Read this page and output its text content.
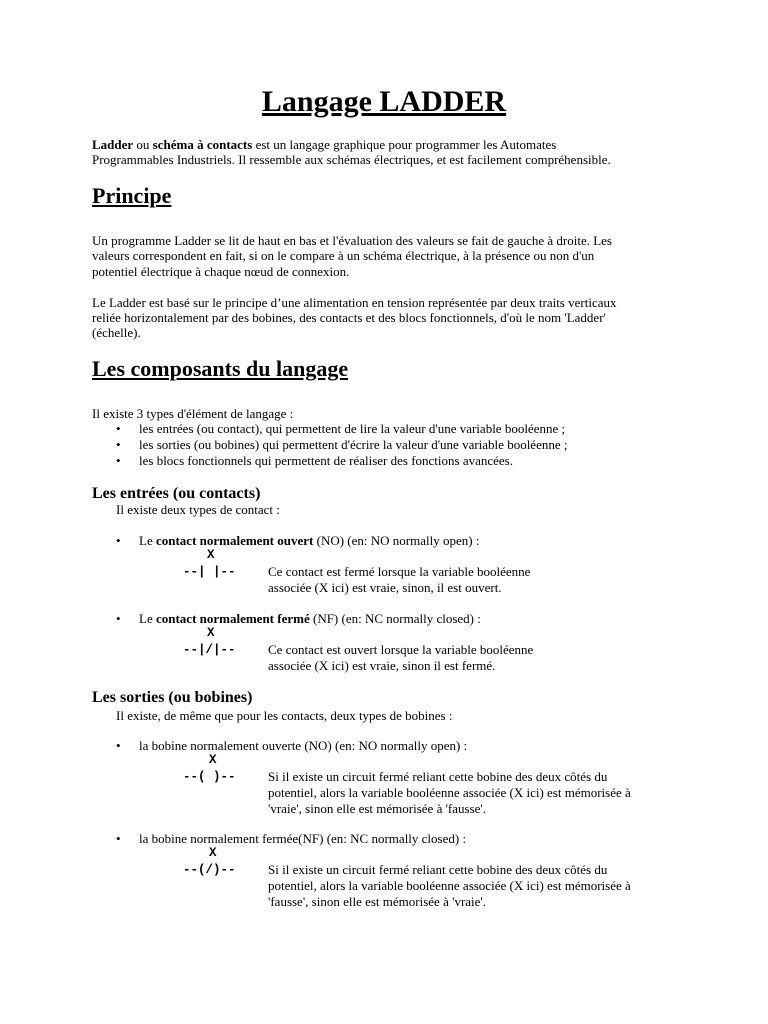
Langage LADDER
Ladder ou schéma à contacts est un langage graphique pour programmer les Automates
Programmables Industriels. Il ressemble aux schémas électriques, et est facilement compréhensible.
Principe
Un programme Ladder se lit de haut en bas et l'évaluation des valeurs se fait de gauche à droite. Les
valeurs correspondent en fait, si on le compare à un schéma électrique, à la présence ou non d'un
potentiel électrique à chaque nœud de connexion.
Le Ladder est basé sur le principe d’une alimentation en tension représentée par deux traits verticaux
reliée horizontalement par des bobines, des contacts et des blocs fonctionnels, d'où le nom 'Ladder'
(échelle).
Les composants du langage
Il existe 3 types d'élément de langage :
• les entrées (ou contact), qui permettent de lire la valeur d'une variable booléenne ;
• les sorties (ou bobines) qui permettent d'écrire la valeur d'une variable booléenne ;
• les blocs fonctionnels qui permettent de réaliser des fonctions avancées.
Les entrées (ou contacts)
Il existe deux types de contact :
• Le contact normalement ouvert (NO) (en: NO normally open) :
X
--| |-- Ce contact est fermé lorsque la variable booléenne
associée (X ici) est vraie, sinon, il est ouvert.
• Le contact normalement fermé (NF) (en: NC normally closed) :
X
--|/|-- Ce contact est ouvert lorsque la variable booléenne
associée (X ici) est vraie, sinon il est fermé.
Les sorties (ou bobines)
Il existe, de même que pour les contacts, deux types de bobines :
• la bobine normalement ouverte (NO) (en: NO normally open) :
X
--( )-- Si il existe un circuit fermé reliant cette bobine des deux côtés du
potentiel, alors la variable booléenne associée (X ici) est mémorisée à
'vraie', sinon elle est mémorisée à 'fausse'.
• la bobine normalement fermée(NF) (en: NC normally closed) :
X
--(/)-- Si il existe un circuit fermé reliant cette bobine des deux côtés du
potentiel, alors la variable booléenne associée (X ici) est mémorisée à
'fausse', sinon elle est mémorisée à 'vraie'.
